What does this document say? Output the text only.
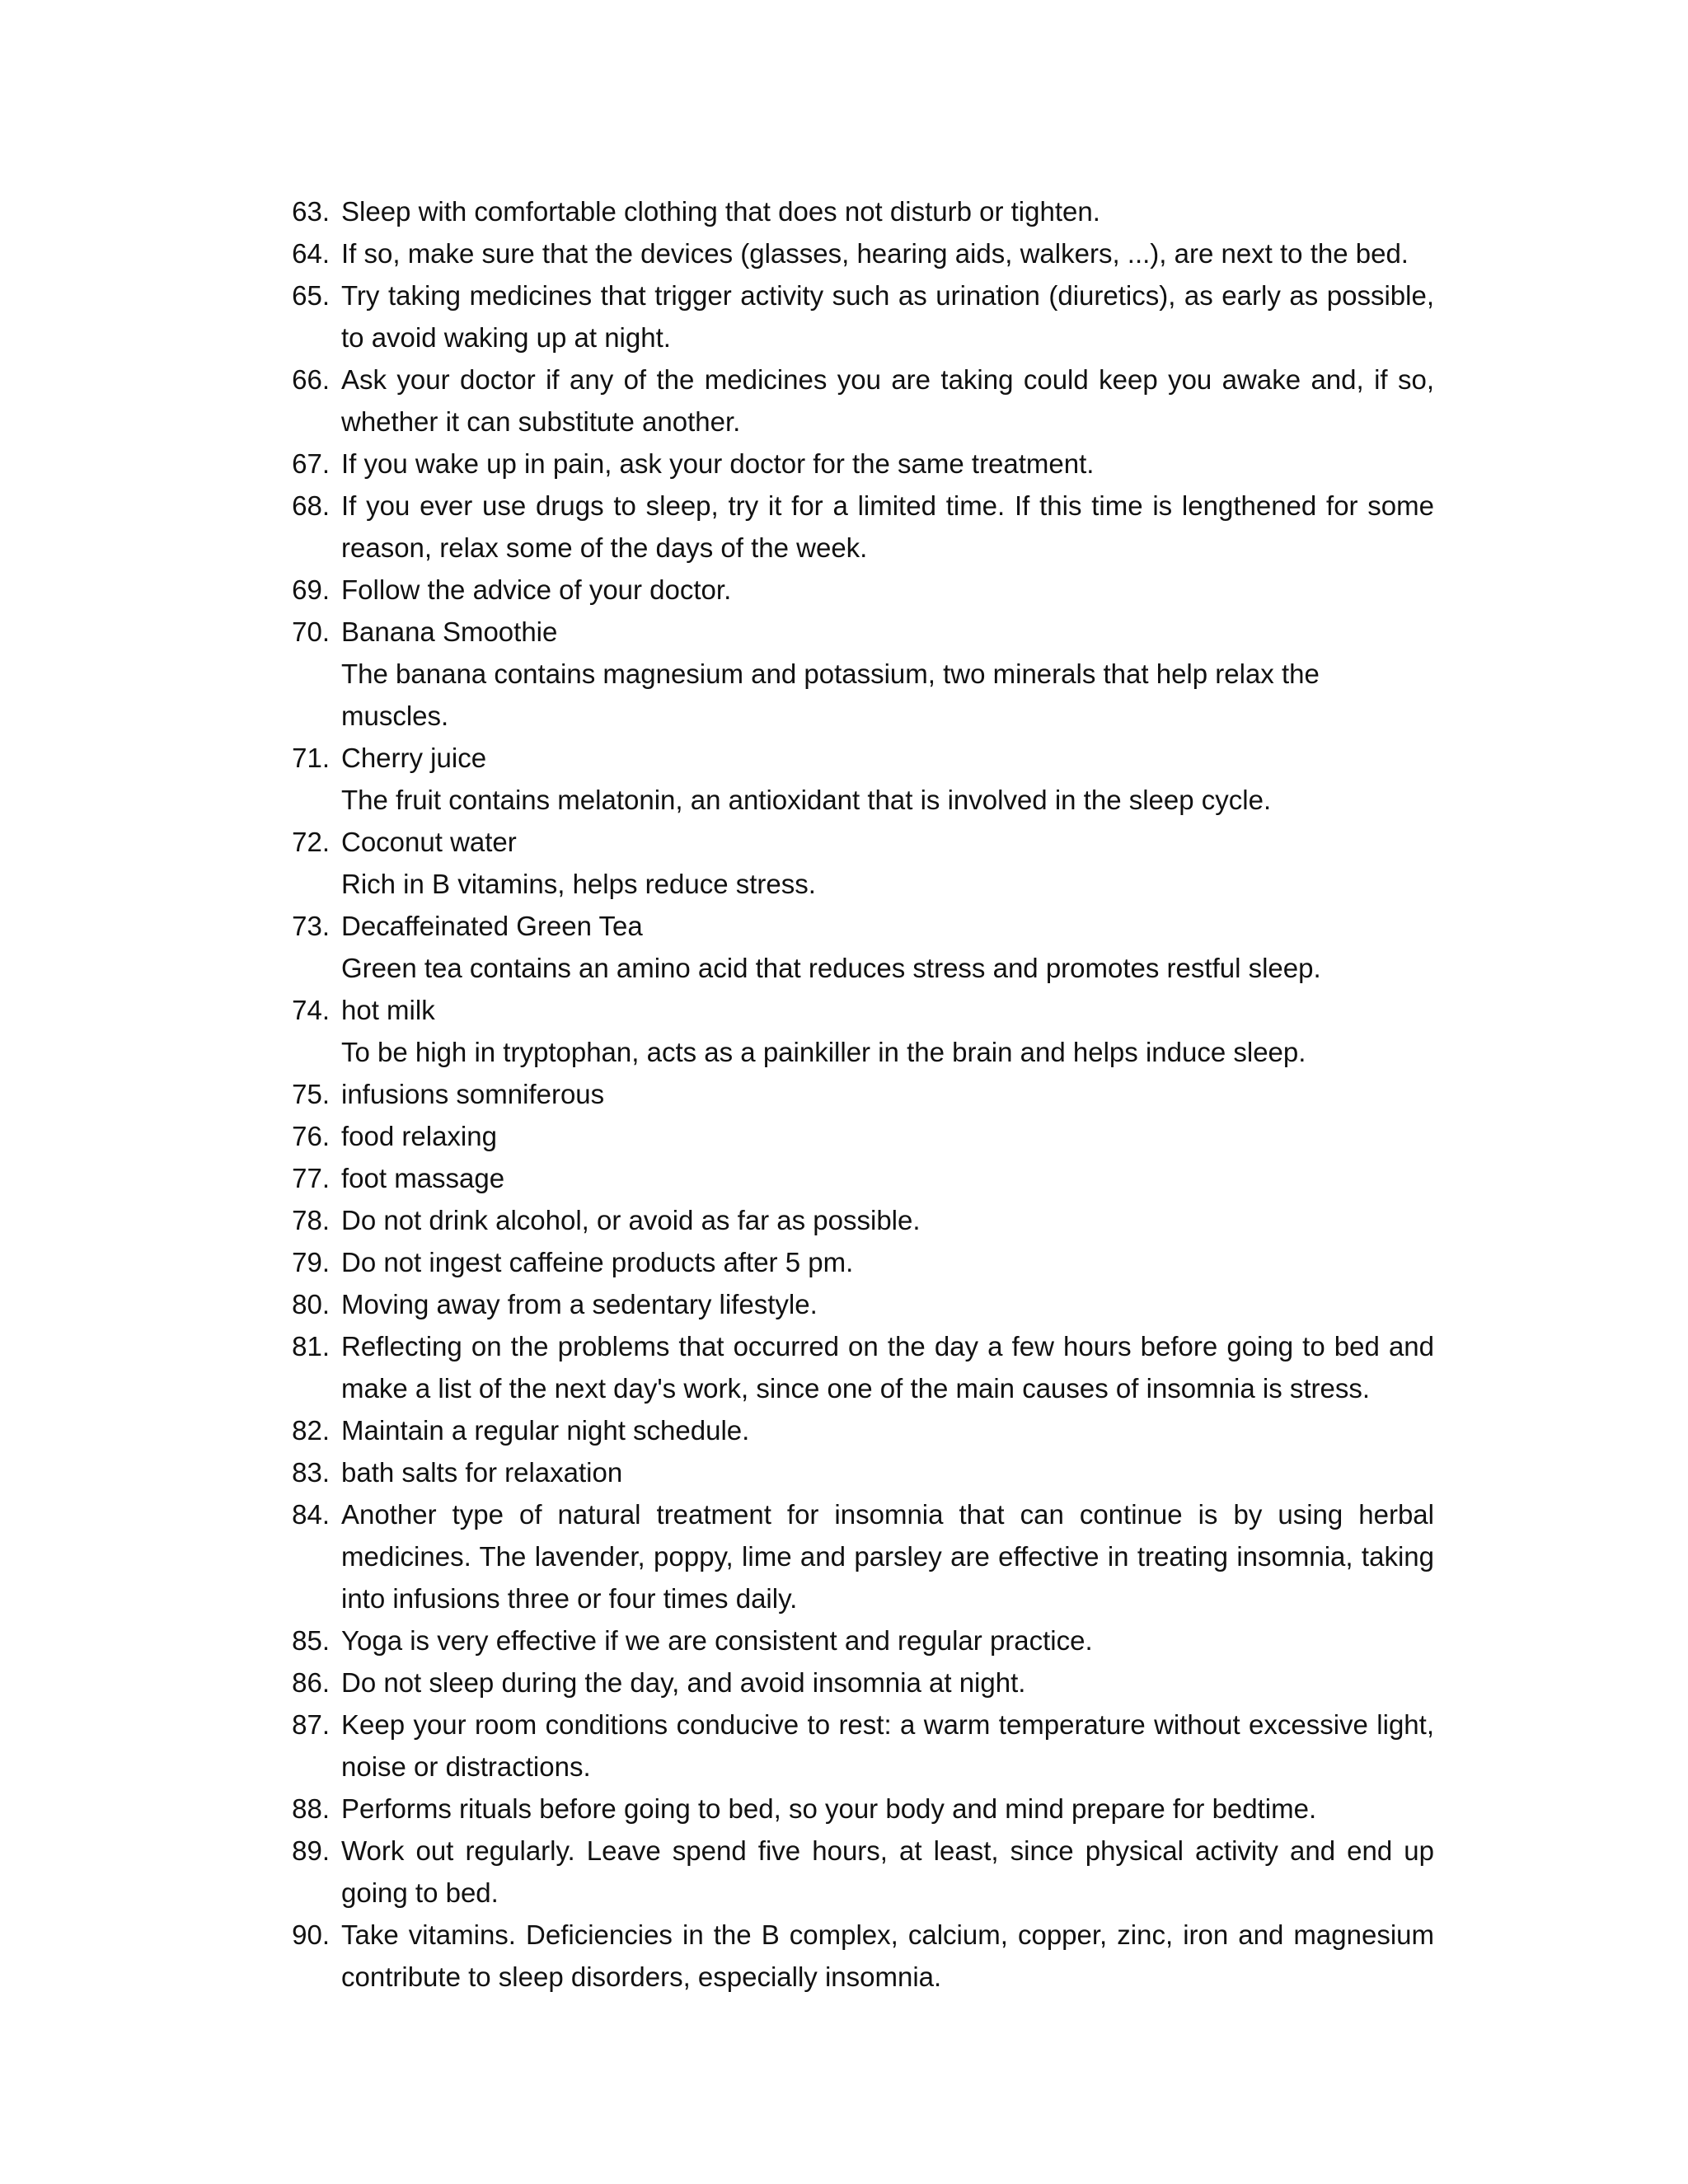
63. Sleep with comfortable clothing that does not disturb or tighten.
64. If so, make sure that the devices (glasses, hearing aids, walkers, ...), are next to the bed.
65. Try taking medicines that trigger activity such as urination (diuretics), as early as possible, to avoid waking up at night.
66. Ask your doctor if any of the medicines you are taking could keep you awake and, if so, whether it can substitute another.
67. If you wake up in pain, ask your doctor for the same treatment.
68. If you ever use drugs to sleep, try it for a limited time. If this time is lengthened for some reason, relax some of the days of the week.
69. Follow the advice of your doctor.
70. Banana Smoothie
The banana contains magnesium and potassium, two minerals that help relax the muscles.
71. Cherry juice
The fruit contains melatonin, an antioxidant that is involved in the sleep cycle.
72. Coconut water
Rich in B vitamins, helps reduce stress.
73. Decaffeinated Green Tea
Green tea contains an amino acid that reduces stress and promotes restful sleep.
74. hot milk
To be high in tryptophan, acts as a painkiller in the brain and helps induce sleep.
75. infusions somniferous
76. food relaxing
77. foot massage
78. Do not drink alcohol, or avoid as far as possible.
79. Do not ingest caffeine products after 5 pm.
80. Moving away from a sedentary lifestyle.
81. Reflecting on the problems that occurred on the day a few hours before going to bed and make a list of the next day's work, since one of the main causes of insomnia is stress.
82. Maintain a regular night schedule.
83. bath salts for relaxation
84. Another type of natural treatment for insomnia that can continue is by using herbal medicines. The lavender, poppy, lime and parsley are effective in treating insomnia, taking into infusions three or four times daily.
85. Yoga is very effective if we are consistent and regular practice.
86. Do not sleep during the day, and avoid insomnia at night.
87. Keep your room conditions conducive to rest: a warm temperature without excessive light, noise or distractions.
88. Performs rituals before going to bed, so your body and mind prepare for bedtime.
89. Work out regularly. Leave spend five hours, at least, since physical activity and end up going to bed.
90. Take vitamins. Deficiencies in the B complex, calcium, copper, zinc, iron and magnesium contribute to sleep disorders, especially insomnia.
